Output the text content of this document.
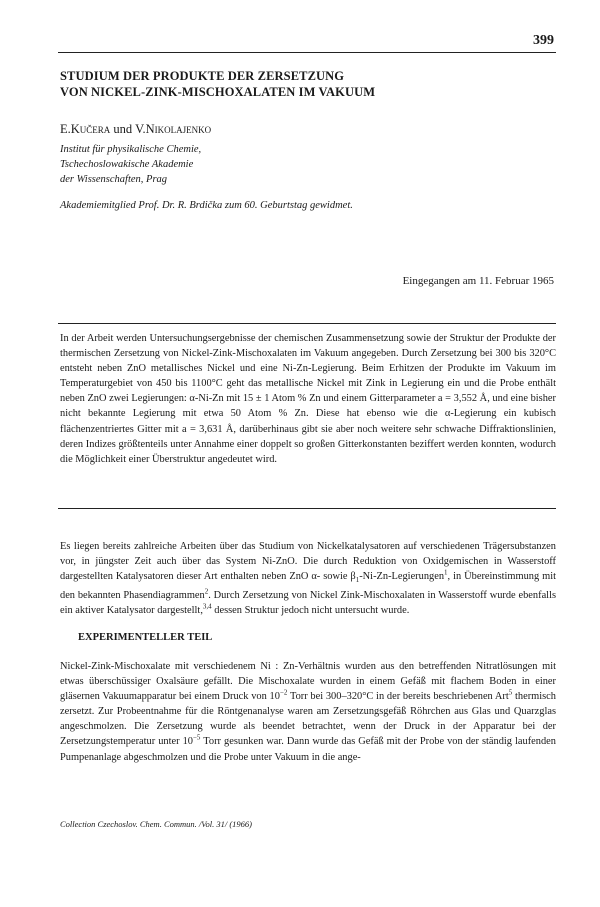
399
STUDIUM DER PRODUKTE DER ZERSETZUNG
VON NICKEL-ZINK-MISCHOXALATEN IM VAKUUM
E.Kučera und V.Nikolajenko
Institut für physikalische Chemie,
Tschechoslowakische Akademie
der Wissenschaften, Prag
Akademiemitglied Prof. Dr. R. Brdička zum 60. Geburtstag gewidmet.
Eingegangen am 11. Februar 1965

In der Arbeit werden Untersuchungsergebnisse der chemischen Zusammensetzung sowie der Struktur der Produkte der thermischen Zersetzung von Nickel-Zink-Mischoxalaten im Vakuum angegeben. Durch Zersetzung bei 300 bis 320°C entsteht neben ZnO metallisches Nickel und eine Ni-Zn-Legierung. Beim Erhitzen der Produkte im Vakuum im Temperaturgebiet von 450 bis 1100°C geht das metallische Nickel mit Zink in Legierung ein und die Probe enthält neben ZnO zwei Legierungen: α-Ni-Zn mit 15 ± 1 Atom % Zn und einem Gitterparameter a = 3,552 Å, und eine bisher nicht bekannte Legierung mit etwa 50 Atom % Zn. Diese hat ebenso wie die α-Legierung ein kubisch flächenzentriertes Gitter mit a = 3,631 Å, darüberhinaus gibt sie aber noch weitere sehr schwache Diffraktionslinien, deren Indizes größtenteils unter Annahme einer doppelt so großen Gitterkonstanten beziffert werden konnten, wodurch die Möglichkeit einer Überstruktur angedeutet wird.

Es liegen bereits zahlreiche Arbeiten über das Studium von Nickelkatalysatoren auf verschiedenen Trägersubstanzen vor, in jüngster Zeit auch über das System Ni-ZnO. Die durch Reduktion von Oxidgemischen in Wasserstoff dargestellten Katalysatoren dieser Art enthalten neben ZnO α- sowie $\beta_1-Ni-Zn-Legierungen^1$, in Übereinstimmung mit den bekannten Phasendiagrammen$^2$. Durch Zersetzung von Nickel Zink-Mischoxalaten in Wasserstoff wurde ebenfalls ein aktiver Katalysator dargestellt,$^{3,4}$ dessen Struktur jedoch nicht untersucht wurde.

EXPERIMENTELLER TEIL

Nickel-Zink-Mischoxalate mit verschiedenem Ni : Zn-Verhältnis wurden aus den betreffenden Nitratlösungen mit etwas überschüssiger Oxalsäure gefällt. Die Mischoxalate wurden in einem Gefäß mit flachem Boden in einer gläsernen Vakuumapparatur bei einem Druck von $10^{-2}$ Torr bei 300–320°C in der bereits beschriebenen Art$^5$ thermisch zersetzt. Zur Probeentnahme für die Röntgenanalyse waren am Zersetzungsgefäß Röhrchen aus Glas und Quarzglas angeschmolzen. Die Zersetzung wurde als beendet betrachtet, wenn der Druck in der Apparatur bei der Zersetzungstemperatur unter $10^{-5}$ Torr gesunken war. Dann wurde das Gefäß mit der Probe von der ständig laufenden Pumpenanlage abgeschmolzen und die Probe unter Vakuum in die ange-

Collection Czechoslov. Chem. Commun. /Vol. 31/ (1966)
